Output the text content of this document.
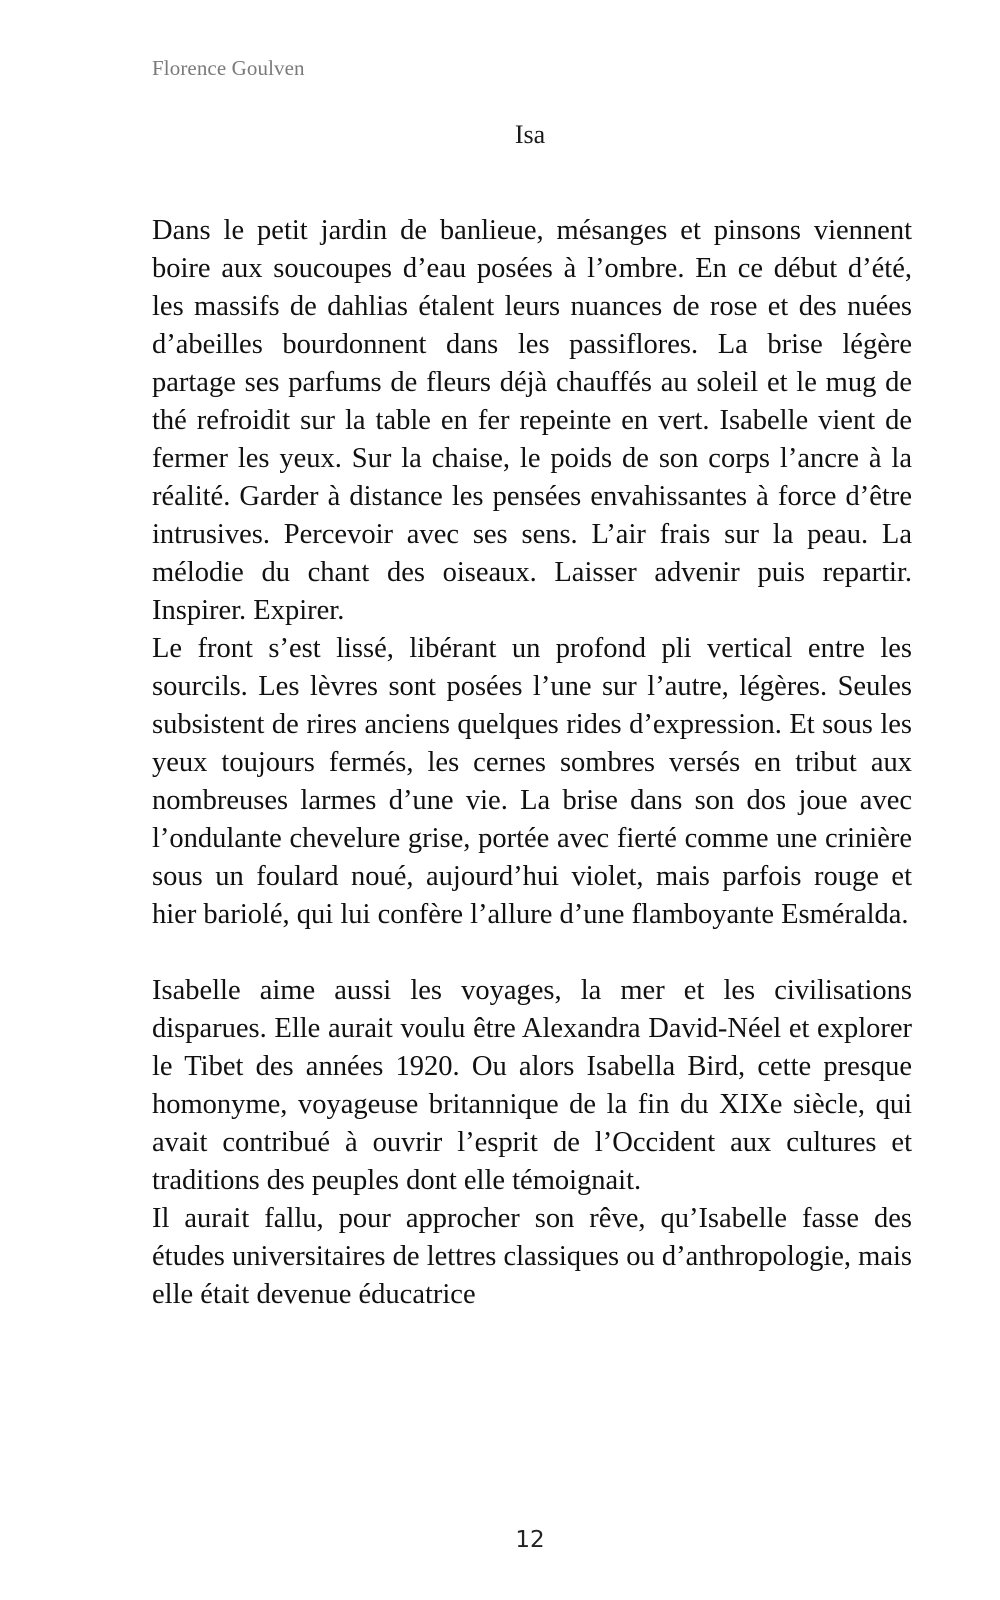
Florence Goulven
Isa

Dans le petit jardin de banlieue, mésanges et pinsons viennent boire aux soucoupes d’eau posées à l’ombre. En ce début d’été, les massifs de dahlias étalent leurs nuances de rose et des nuées d’abeilles bourdonnent dans les passiflores. La brise légère partage ses parfums de fleurs déjà chauffés au soleil et le mug de thé refroidit sur la table en fer repeinte en vert. Isabelle vient de fermer les yeux. Sur la chaise, le poids de son corps l’ancre à la réalité. Garder à distance les pensées envahissantes à force d’être intrusives. Percevoir avec ses sens. L’air frais sur la peau. La mélodie du chant des oiseaux. Laisser advenir puis repartir. Inspirer. Expirer.

Le front s’est lissé, libérant un profond pli vertical entre les sourcils. Les lèvres sont posées l’une sur l’autre, légères. Seules subsistent de rires anciens quelques rides d’expression. Et sous les yeux toujours fermés, les cernes sombres versés en tribut aux nombreuses larmes d’une vie. La brise dans son dos joue avec l’ondulante chevelure grise, portée avec fierté comme une crinière sous un foulard noué, aujourd’hui violet, mais parfois rouge et hier bariolé, qui lui confère l’allure d’une flamboyante Esméralda.

Isabelle aime aussi les voyages, la mer et les civilisations disparues. Elle aurait voulu être Alexandra David-Néel et explorer le Tibet des années 1920. Ou alors Isabella Bird, cette presque homonyme, voyageuse britannique de la fin du XIXe siècle, qui avait contribué à ouvrir l’esprit de l’Occident aux cultures et traditions des peuples dont elle témoignait.

Il aurait fallu, pour approcher son rêve, qu’Isabelle fasse des études universitaires de lettres classiques ou d’anthropologie, mais elle était devenue éducatrice

12
